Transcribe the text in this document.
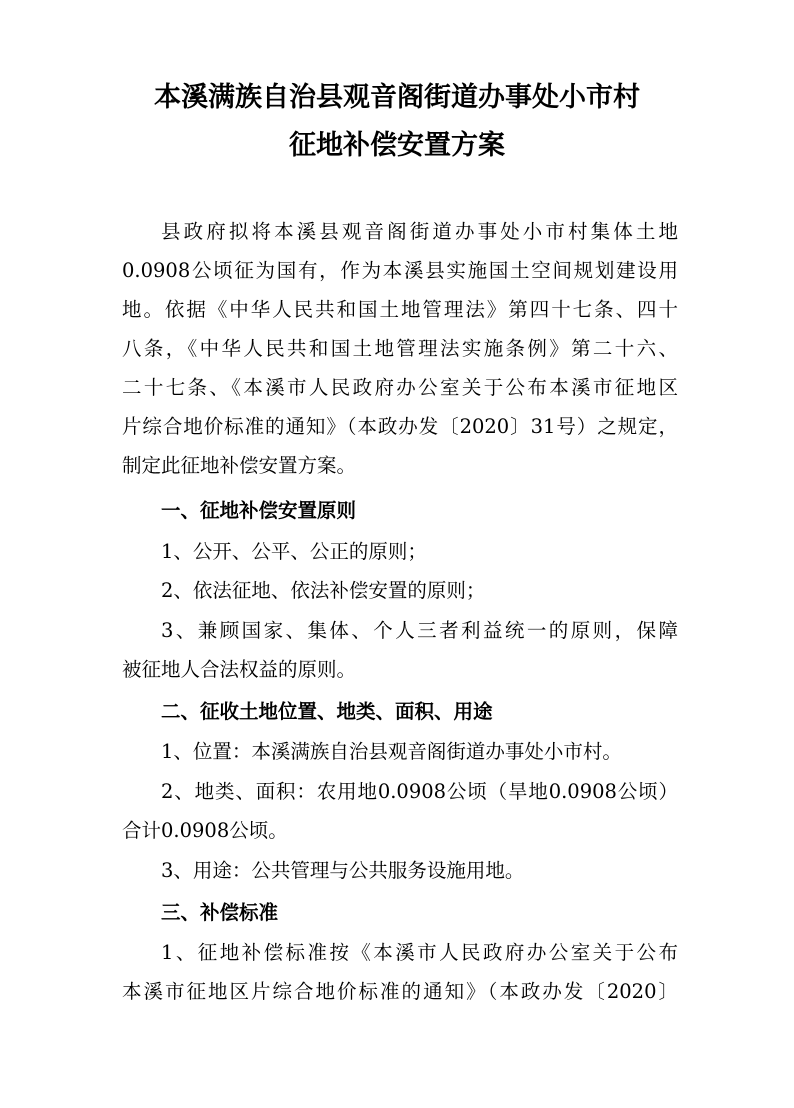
本溪满族自治县观音阁街道办事处小市村
征地补偿安置方案

县政府拟将本溪县观音阁街道办事处小市村集体土地

0.0908公顷征为国有，作为本溪县实施国土空间规划建设用

地。依据《中华人民共和国土地管理法》第四十七条、四十

八条，《中华人民共和国土地管理法实施条例》第二十六、

二十七条、《本溪市人民政府办公室关于公布本溪市征地区

片综合地价标准的通知》（本政办发〔2020〕31号）之规定，

制定此征地补偿安置方案。

一、征地补偿安置原则

1、公开、公平、公正的原则；

2、依法征地、依法补偿安置的原则；

3、兼顾国家、集体、个人三者利益统一的原则，保障

被征地人合法权益的原则。

二、征收土地位置、地类、面积、用途

1、位置：本溪满族自治县观音阁街道办事处小市村。

2、地类、面积：农用地0.0908公顷（旱地0.0908公顷）

合计0.0908公顷。

3、用途：公共管理与公共服务设施用地。

三、补偿标准

1、征地补偿标准按《本溪市人民政府办公室关于公布

本溪市征地区片综合地价标准的通知》（本政办发〔2020〕
